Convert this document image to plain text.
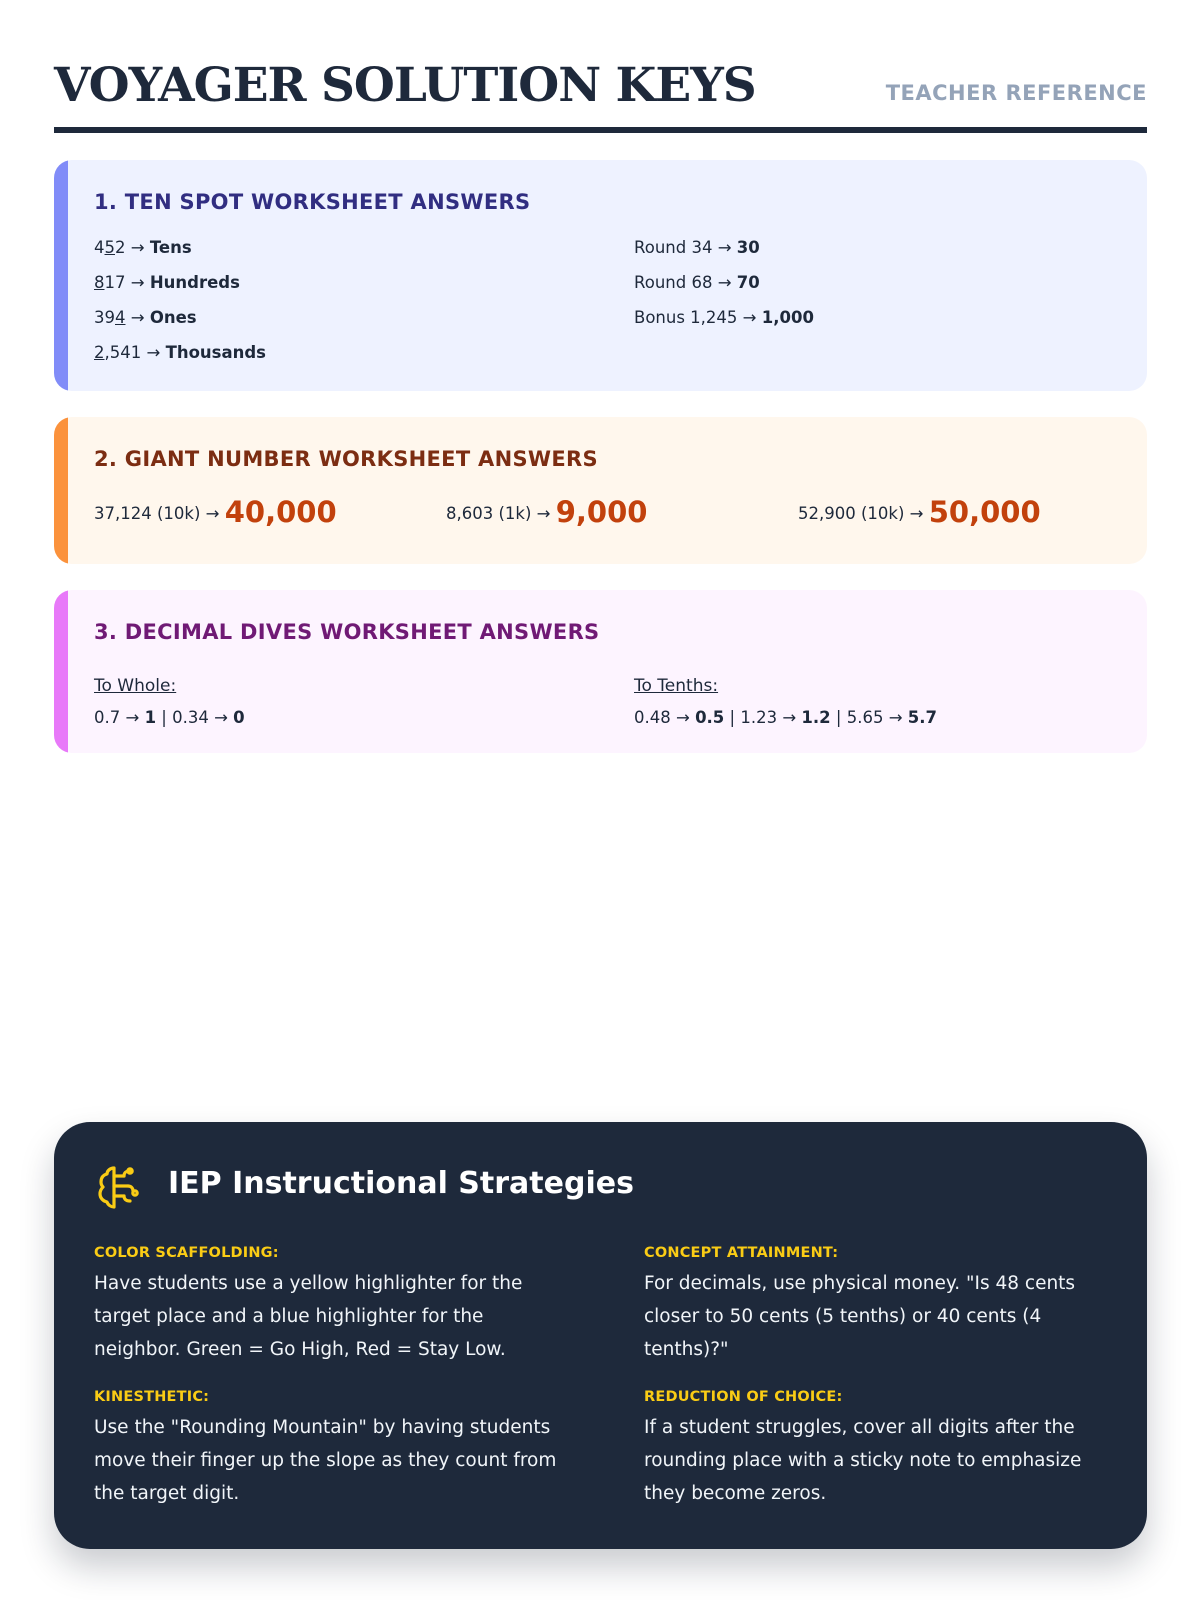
VOYAGER SOLUTION KEYS	TEACHER REFERENCE
1. TEN SPOT WORKSHEET ANSWERS
452 → Tens
817 → Hundreds
394 → Ones
2,541 → Thousands
Round 34 → 30
Round 68 → 70
Bonus 1,245 → 1,000
2. GIANT NUMBER WORKSHEET ANSWERS
37,124 (10k) → 40,000	8,603 (1k) → 9,000	52,900 (10k) → 50,000
3. DECIMAL DIVES WORKSHEET ANSWERS
To Whole:	To Tenths:
0.7 → 1 | 0.34 → 0	0.48 → 0.5 | 1.23 → 1.2 | 5.65 → 5.7
IEP Instructional Strategies
COLOR SCAFFOLDING:
Have students use a yellow highlighter for the target place and a blue highlighter for the neighbor. Green = Go High, Red = Stay Low.
CONCEPT ATTAINMENT:
For decimals, use physical money. "Is 48 cents closer to 50 cents (5 tenths) or 40 cents (4 tenths)?"
KINESTHETIC:
Use the "Rounding Mountain" by having students move their finger up the slope as they count from the target digit.
REDUCTION OF CHOICE:
If a student struggles, cover all digits after the rounding place with a sticky note to emphasize they become zeros.
